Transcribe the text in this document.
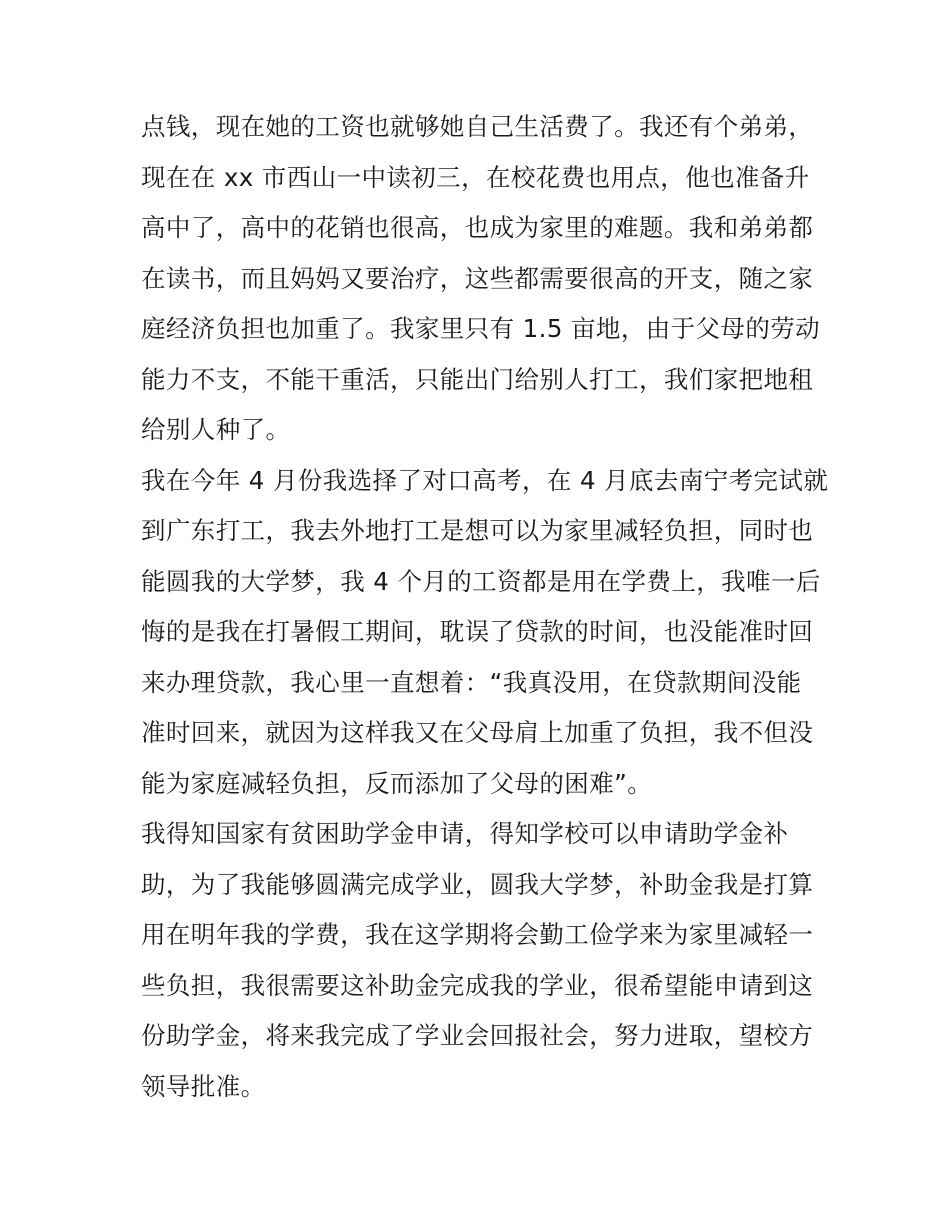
点钱，现在她的工资也就够她自己生活费了。我还有个弟弟，
现在在 xx 市西山一中读初三，在校花费也用点，他也准备升
高中了，高中的花销也很高，也成为家里的难题。我和弟弟都
在读书，而且妈妈又要治疗，这些都需要很高的开支，随之家
庭经济负担也加重了。我家里只有 1.5 亩地，由于父母的劳动
能力不支，不能干重活，只能出门给别人打工，我们家把地租
给别人种了。
我在今年 4 月份我选择了对口高考，在 4 月底去南宁考完试就
到广东打工，我去外地打工是想可以为家里减轻负担，同时也
能圆我的大学梦，我 4 个月的工资都是用在学费上，我唯一后
悔的是我在打暑假工期间，耽误了贷款的时间，也没能准时回
来办理贷款，我心里一直想着：“我真没用，在贷款期间没能
准时回来，就因为这样我又在父母肩上加重了负担，我不但没
能为家庭减轻负担，反而添加了父母的困难”。
我得知国家有贫困助学金申请，得知学校可以申请助学金补
助，为了我能够圆满完成学业，圆我大学梦，补助金我是打算
用在明年我的学费，我在这学期将会勤工俭学来为家里减轻一
些负担，我很需要这补助金完成我的学业，很希望能申请到这
份助学金，将来我完成了学业会回报社会，努力进取，望校方
领导批准。
